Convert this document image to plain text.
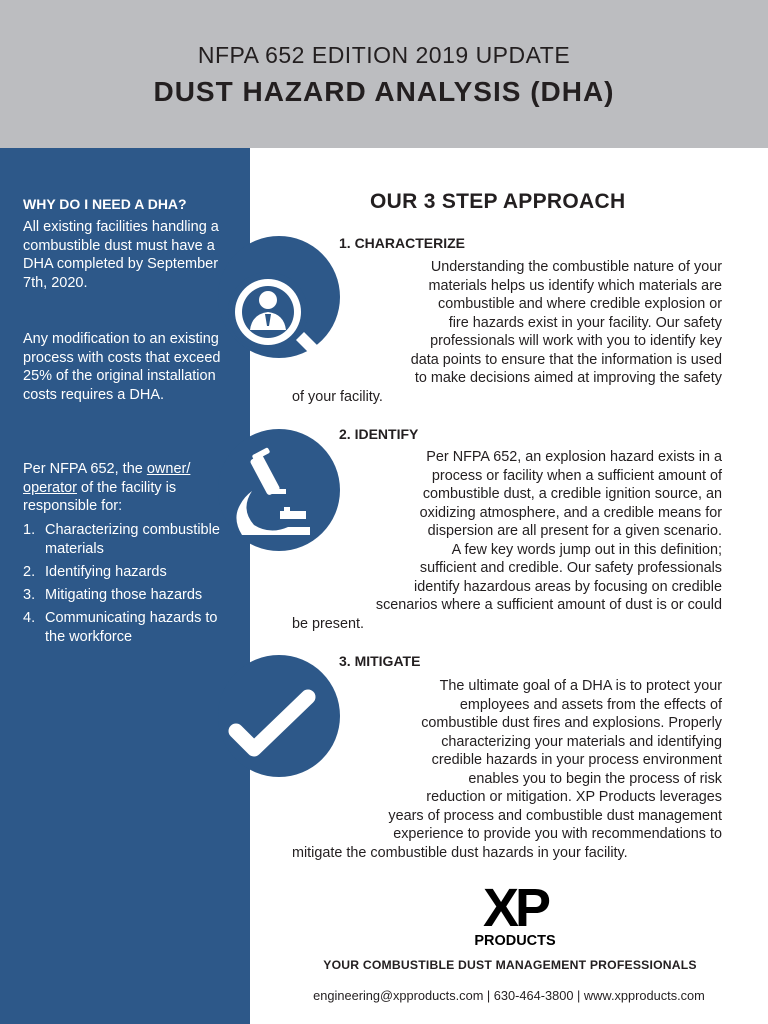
NFPA 652 EDITION 2019 UPDATE
DUST HAZARD ANALYSIS (DHA)
WHY DO I NEED A DHA?
All existing facilities handling a combustible dust must have a DHA completed by September 7th, 2020.
Any modification to an existing process with costs that exceed 25% of the original installation costs requires a DHA.
Per NFPA 652, the owner/ operator of the facility is responsible for:
1. Characterizing combustible materials
2. Identifying hazards
3. Mitigating those hazards
4. Communicating hazards to the workforce
OUR 3 STEP APPROACH
1. CHARACTERIZE
Understanding the combustible nature of your
materials helps us identify which materials are
combustible and where credible explosion or
fire hazards exist in your facility. Our safety
professionals will work with you to identify key
data points to ensure that the information is used
to make decisions aimed at improving the safety
of your facility.
2. IDENTIFY
Per NFPA 652, an explosion hazard exists in a
process or facility when a sufficient amount of
combustible dust, a credible ignition source, an
oxidizing atmosphere, and a credible means for
dispersion are all present for a given scenario.
A few key words jump out in this definition;
sufficient and credible. Our safety professionals
identify hazardous areas by focusing on credible
scenarios where a sufficient amount of dust is or could
be present.
3. MITIGATE
The ultimate goal of a DHA is to protect your
employees and assets from the effects of
combustible dust fires and explosions. Properly
characterizing your materials and identifying
credible hazards in your process environment
enables you to begin the process of risk
reduction or mitigation. XP Products leverages
years of process and combustible dust management
experience to provide you with recommendations to
mitigate the combustible dust hazards in your facility.
XP
PRODUCTS
YOUR COMBUSTIBLE DUST MANAGEMENT PROFESSIONALS
engineering@xpproducts.com | 630-464-3800 | www.xpproducts.com
